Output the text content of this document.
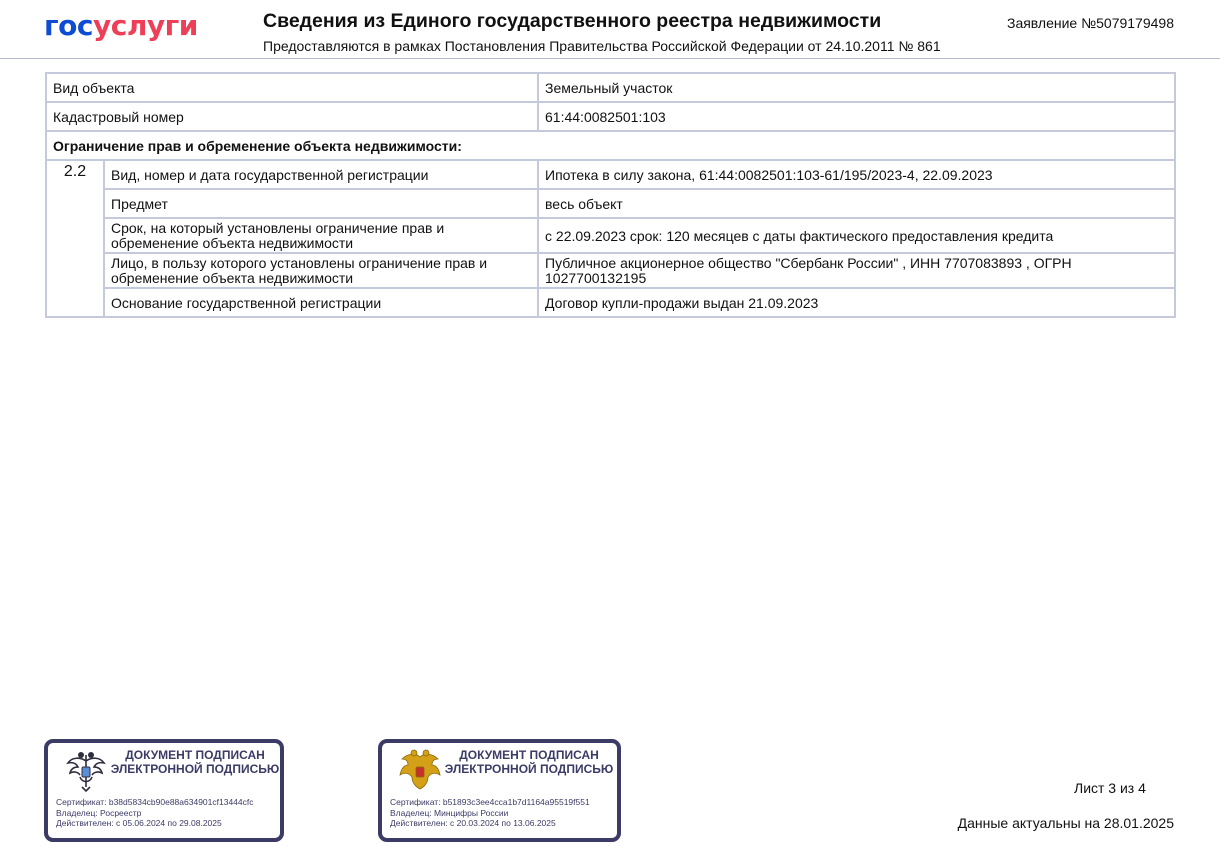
госуслуги	Сведения из Единого государственного реестра недвижимости
Предоставляются в рамках Постановления Правительства Российской Федерации от 24.10.2011 № 861
Заявление №5079179498
Вид объекта		Земельный участок
Кадастровый номер		61:44:0082501:103
Ограничение прав и обременение объекта недвижимости:		
2.2	Вид, номер и дата государственной регистрации	Ипотека в силу закона, 61:44:0082501:103-61/195/2023-4, 22.09.2023
	Предмет	весь объект
	Срок, на который установлены ограничение прав и обременение объекта недвижимости	с 22.09.2023 срок: 120 месяцев с даты фактического предоставления кредита
	Лицо, в пользу которого установлены ограничение прав и обременение объекта недвижимости	Публичное акционерное общество "Сбербанк России" , ИНН 7707083893 , ОГРН 1027700132195
	Основание государственной регистрации	Договор купли-продажи выдан 21.09.2023
ДОКУМЕНТ ПОДПИСАН ЭЛЕКТРОННОЙ ПОДПИСЬЮ
Сертификат: b38d5834cb90e88a634901cf13444cfc
Владелец: Росреестр
Действителен: с 05.06.2024 по 29.08.2025
ДОКУМЕНТ ПОДПИСАН ЭЛЕКТРОННОЙ ПОДПИСЬЮ
Сертификат: b51893c3ee4cca1b7d1164a95519f551
Владелец: Минцифры России
Действителен: с 20.03.2024 по 13.06.2025
Лист 3 из 4
Данные актуальны на 28.01.2025
